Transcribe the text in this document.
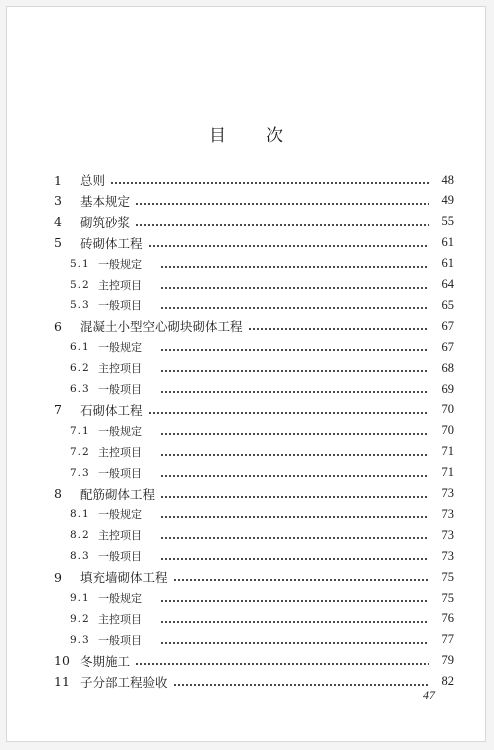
目 次
1	总则	48
3	基本规定	49
4	砌筑砂浆	55
5	砖砌体工程	61
5.1 一般规定	61
5.2 主控项目	64
5.3 一般项目	65
6	混凝土小型空心砌块砌体工程	67
6.1 一般规定	67
6.2 主控项目	68
6.3 一般项目	69
7	石砌体工程	70
7.1 一般规定	70
7.2 主控项目	71
7.3 一般项目	71
8	配筋砌体工程	73
8.1 一般规定	73
8.2 主控项目	73
8.3 一般项目	73
9	填充墙砌体工程	75
9.1 一般规定	75
9.2 主控项目	76
9.3 一般项目	77
10 冬期施工	79
11 子分部工程验收	82
47
